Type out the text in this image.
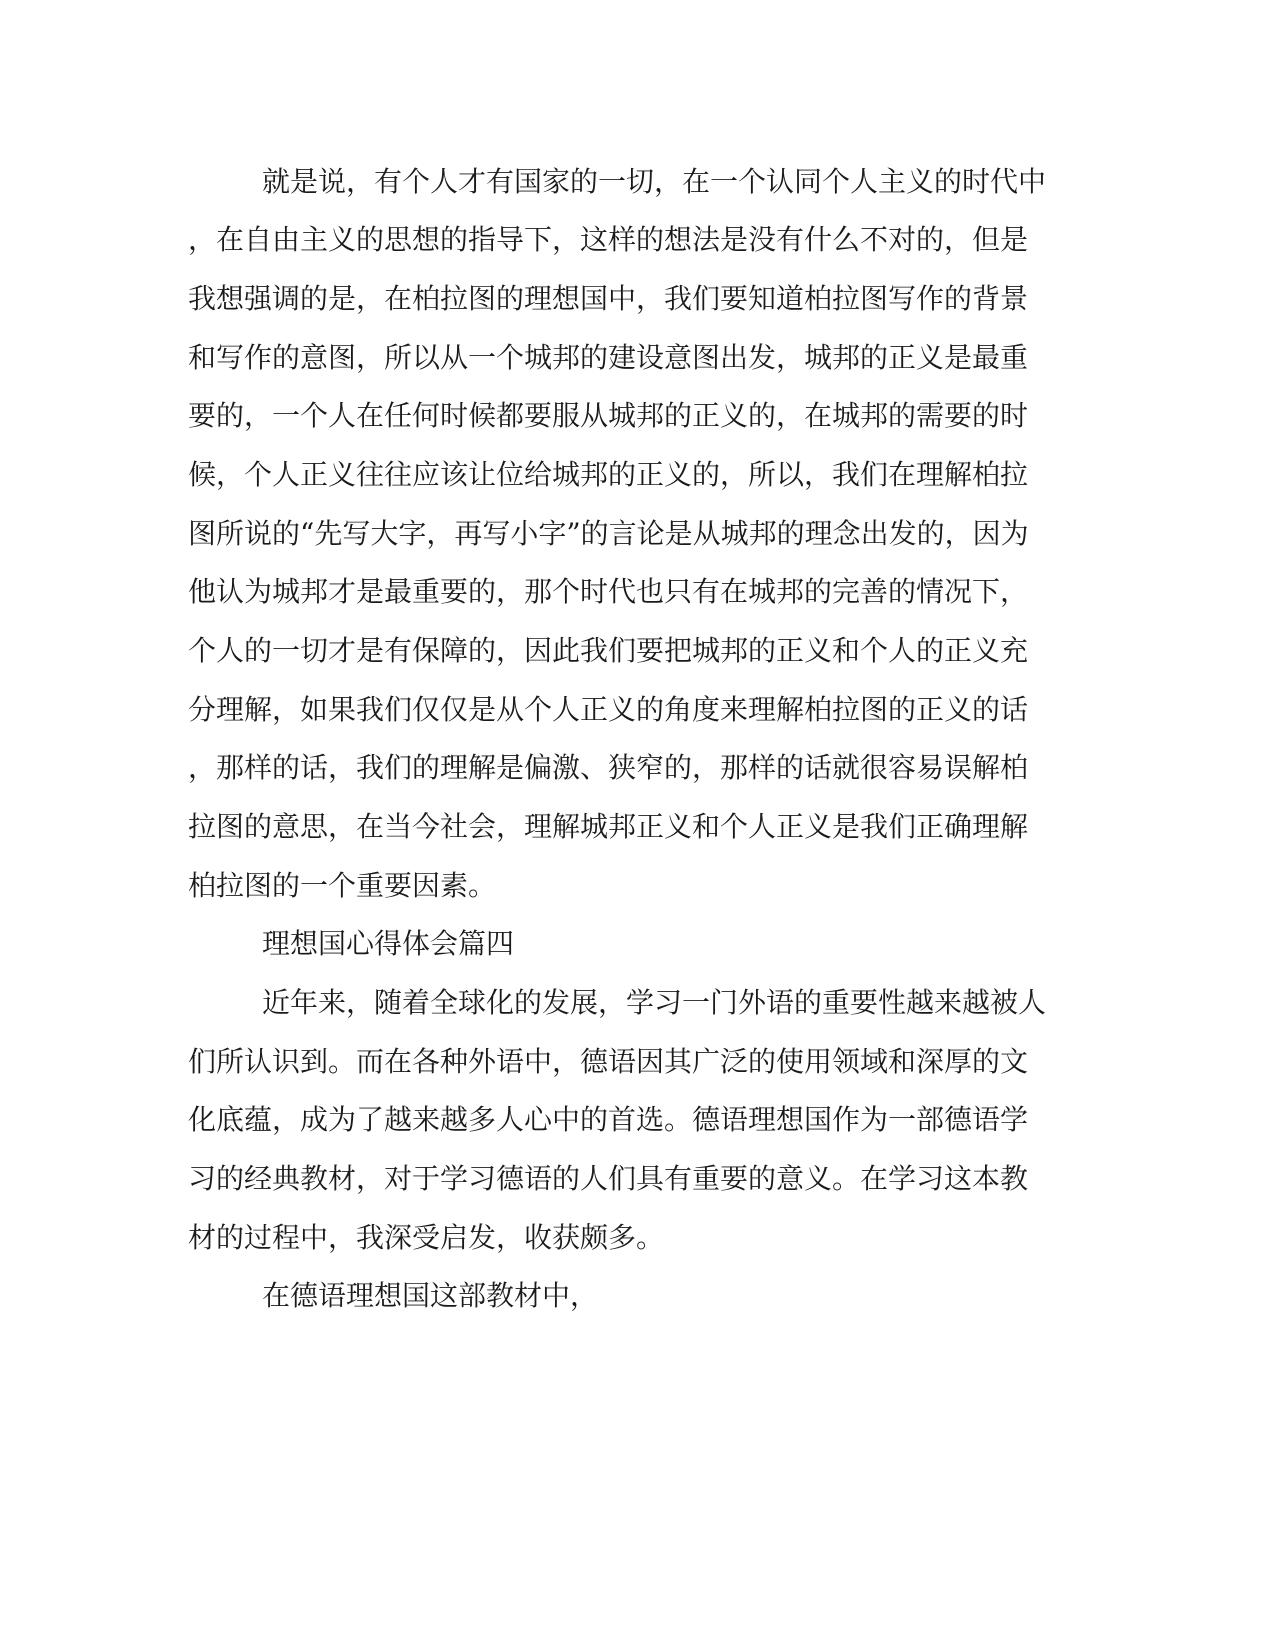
就是说，有个人才有国家的一切，在一个认同个人主义的时代中

，在自由主义的思想的指导下，这样的想法是没有什么不对的，但是

我想强调的是，在柏拉图的理想国中，我们要知道柏拉图写作的背景

和写作的意图，所以从一个城邦的建设意图出发，城邦的正义是最重

要的，一个人在任何时候都要服从城邦的正义的，在城邦的需要的时

候，个人正义往往应该让位给城邦的正义的，所以，我们在理解柏拉

图所说的“先写大字，再写小字”的言论是从城邦的理念出发的，因为

他认为城邦才是最重要的，那个时代也只有在城邦的完善的情况下，

个人的一切才是有保障的，因此我们要把城邦的正义和个人的正义充

分理解，如果我们仅仅是从个人正义的角度来理解柏拉图的正义的话

，那样的话，我们的理解是偏激、狭窄的，那样的话就很容易误解柏

拉图的意思，在当今社会，理解城邦正义和个人正义是我们正确理解

柏拉图的一个重要因素。

理想国心得体会篇四

近年来，随着全球化的发展，学习一门外语的重要性越来越被人

们所认识到。而在各种外语中，德语因其广泛的使用领域和深厚的文

化底蕴，成为了越来越多人心中的首选。德语理想国作为一部德语学

习的经典教材，对于学习德语的人们具有重要的意义。在学习这本教

材的过程中，我深受启发，收获颇多。

在德语理想国这部教材中，
